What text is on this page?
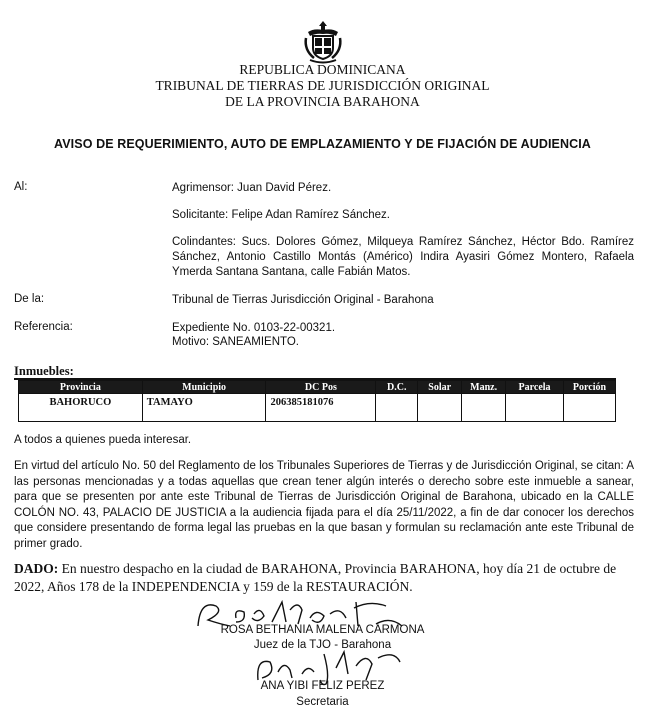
REPUBLICA DOMINICANA
TRIBUNAL DE TIERRAS DE JURISDICCIÓN ORIGINAL
DE LA PROVINCIA BARAHONA
AVISO DE REQUERIMIENTO, AUTO DE EMPLAZAMIENTO Y DE FIJACIÓN DE AUDIENCIA
Al:	Agrimensor: Juan David Pérez.
Solicitante: Felipe Adan Ramírez Sánchez.
Colindantes: Sucs. Dolores Gómez, Milqueya Ramírez Sánchez, Héctor Bdo. Ramírez Sánchez, Antonio Castillo Montás (Américo) Indira Ayasiri Gómez Montero, Rafaela Ymerda Santana Santana, calle Fabián Matos.
De la:	Tribunal de Tierras Jurisdicción Original - Barahona
Referencia:	Expediente No. 0103-22-00321.
Motivo: SANEAMIENTO.
Inmuebles:
Provincia	Municipio	DC Pos	D.C.	Solar	Manz.	Parcela	Porción
BAHORUCO	TAMAYO	206385181076					
A todos a quienes pueda interesar.
En virtud del artículo No. 50 del Reglamento de los Tribunales Superiores de Tierras y de Jurisdicción Original, se citan: A las personas mencionadas y a todas aquellas que crean tener algún interés o derecho sobre este inmueble a sanear, para que se presenten por ante este Tribunal de Tierras de Jurisdicción Original de Barahona, ubicado en la CALLE COLÓN NO. 43, PALACIO DE JUSTICIA a la audiencia fijada para el día 25/11/2022, a fin de dar conocer los derechos que considere presentando de forma legal las pruebas en la que basan y formulan su reclamación ante este Tribunal de primer grado.
DADO: En nuestro despacho en la ciudad de BARAHONA, Provincia BARAHONA, hoy día 21 de octubre de 2022, Años 178 de la INDEPENDENCIA y 159 de la RESTAURACIÓN.
ROSA BETHANIA MALENA CARMONA
Juez de la TJO - Barahona
ANA YIBI FELIZ PEREZ
Secretaria
